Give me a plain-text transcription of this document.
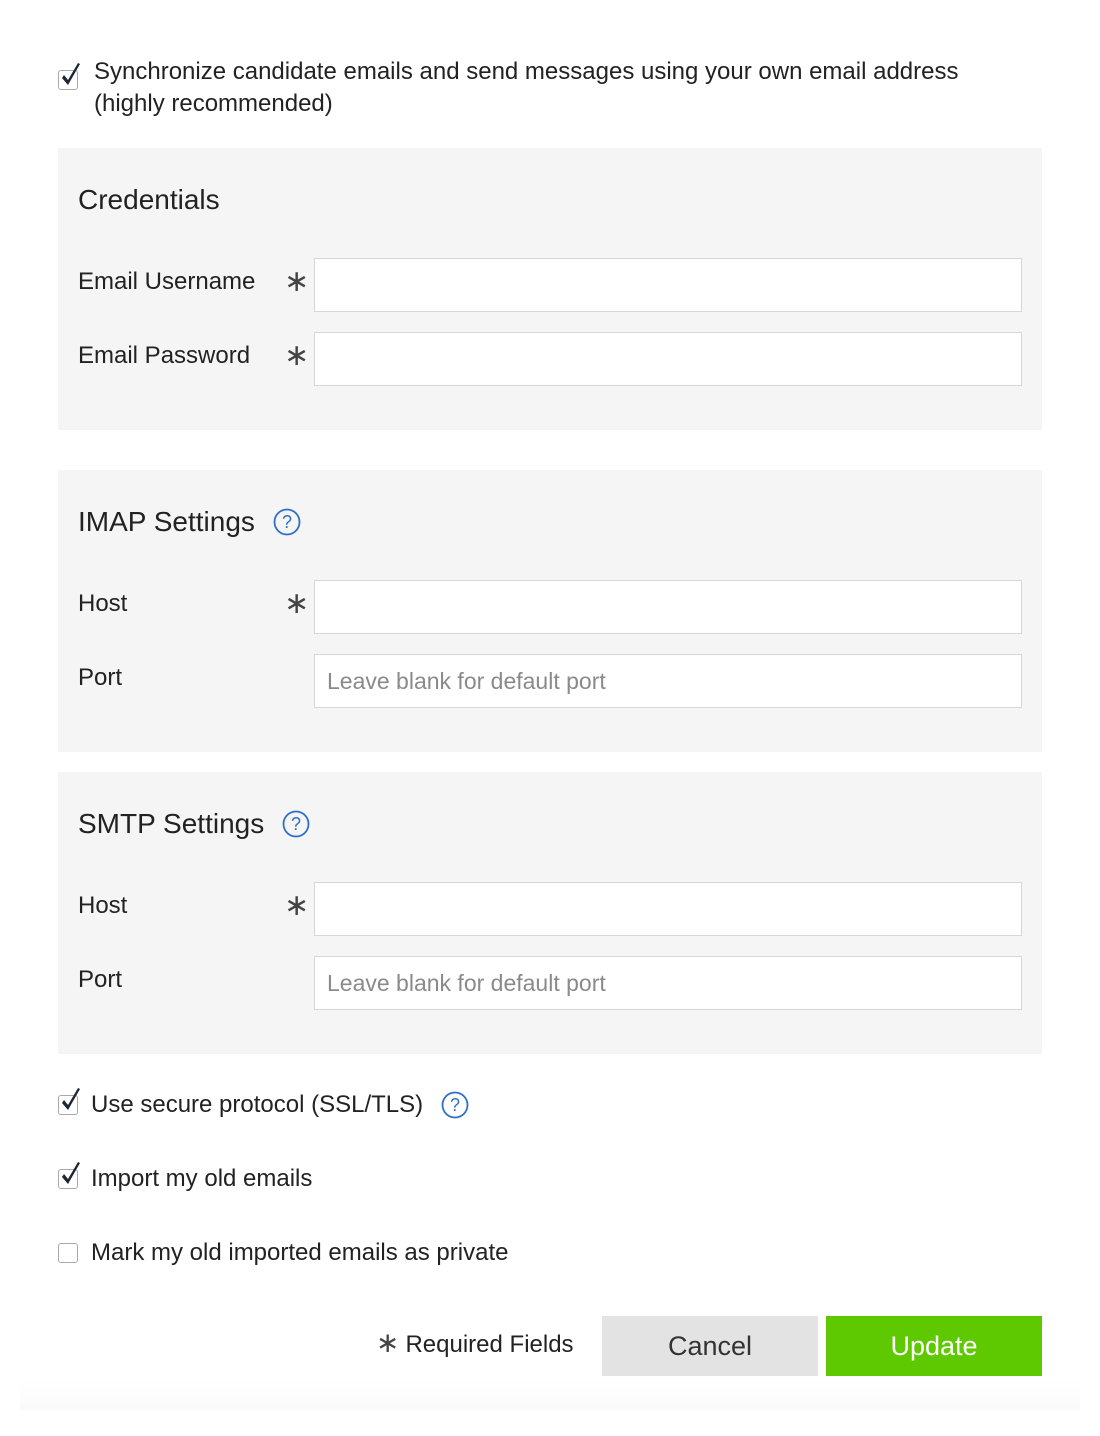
Synchronize candidate emails and send messages using your own email address (highly recommended)
Credentials
Email Username ∗
Email Password ∗
IMAP Settings ?
Host	∗
Port
Leave blank for default port
SMTP Settings ?
Host	∗
Port
Leave blank for default port
Use secure protocol (SSL/TLS) ?
Import my old emails
Mark my old imported emails as private
∗ Required Fields	Cancel	Update
